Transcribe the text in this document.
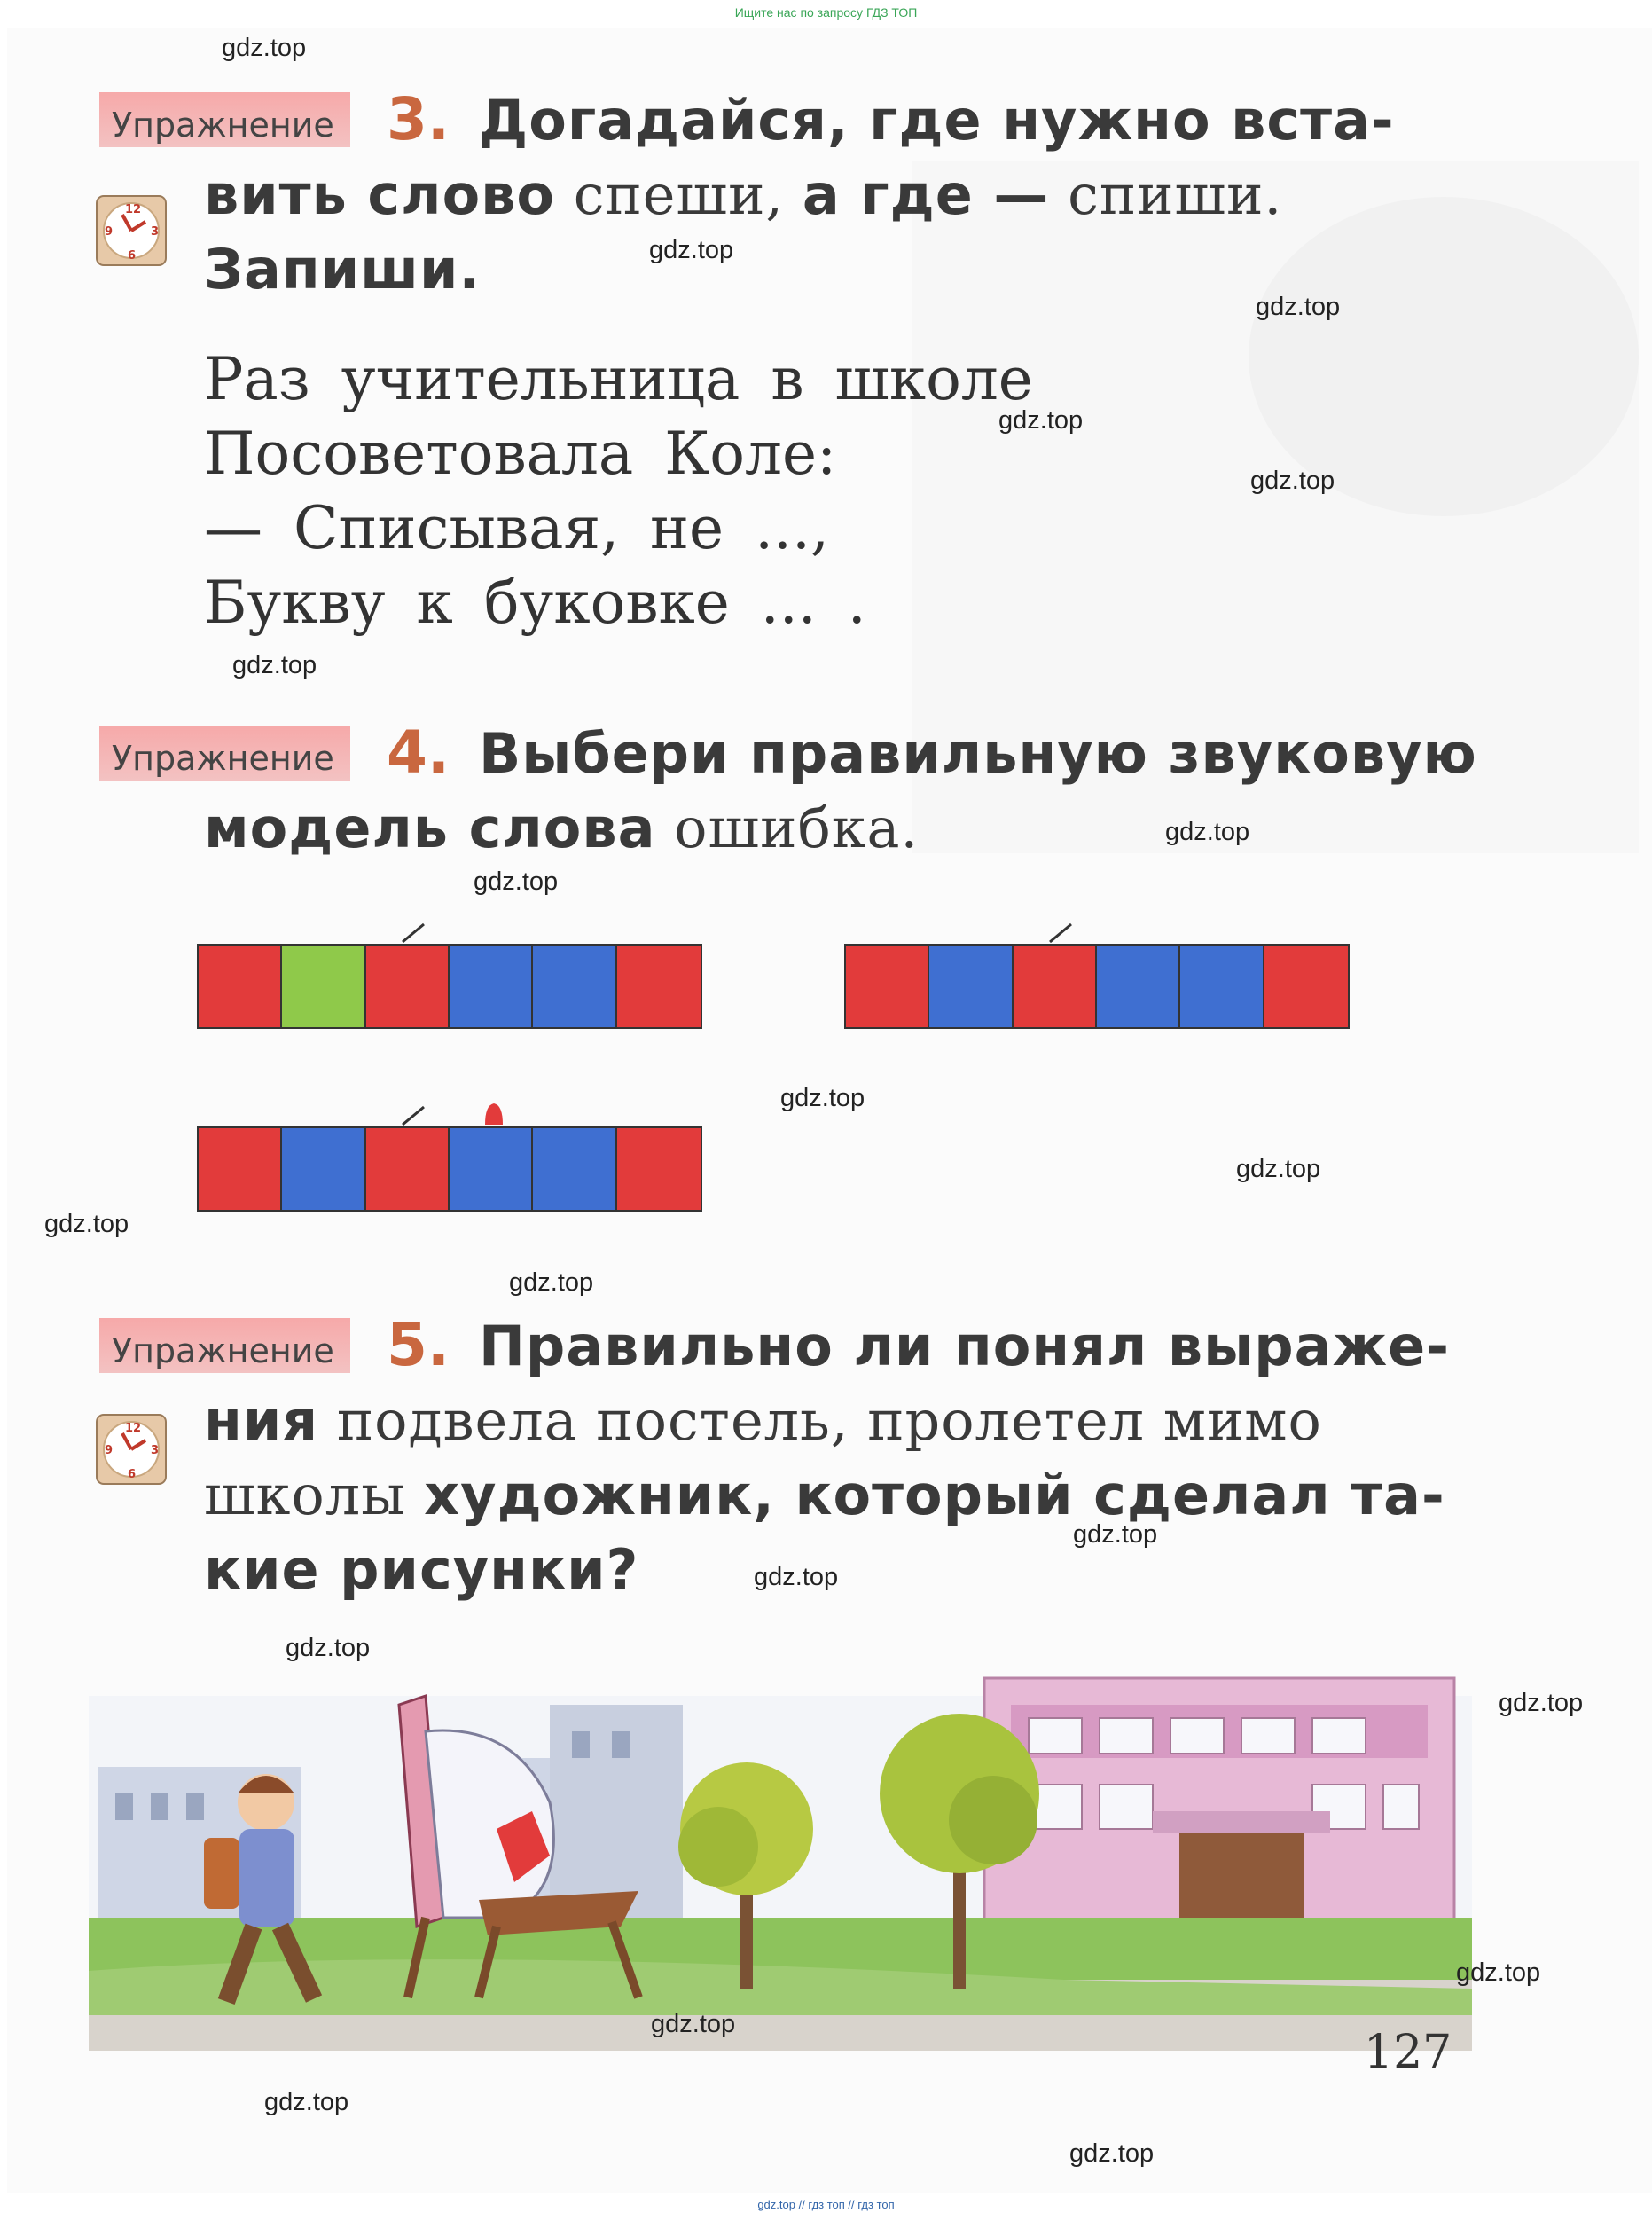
Ищите нас по запросу ГДЗ ТОП
Упражнение 3. Догадайся, где нужно вста-
12
9	3
6
вить слово спеши, а где — спиши.
Запиши.
Раз учительница в школе
Посоветовала Коле:
— Списывая, не ...,
Букву к буковке ... .
Упражнение 4. Выбери правильную звуковую
модель слова ошибка.
Упражнение 5. Правильно ли понял выраже-
12
9	3
6
ния подвела постель, пролетел мимо
школы художник, который сделал та-
кие рисунки?
127
gdz.top
gdz.top
gdz.top
gdz.top
gdz.top
gdz.top
gdz.top
gdz.top
gdz.top
gdz.top
gdz.top
gdz.top
gdz.top
gdz.top
gdz.top
gdz.top
gdz.top
gdz.top
gdz.top
gdz.top
gdz.top // гдз топ // гдз топ
